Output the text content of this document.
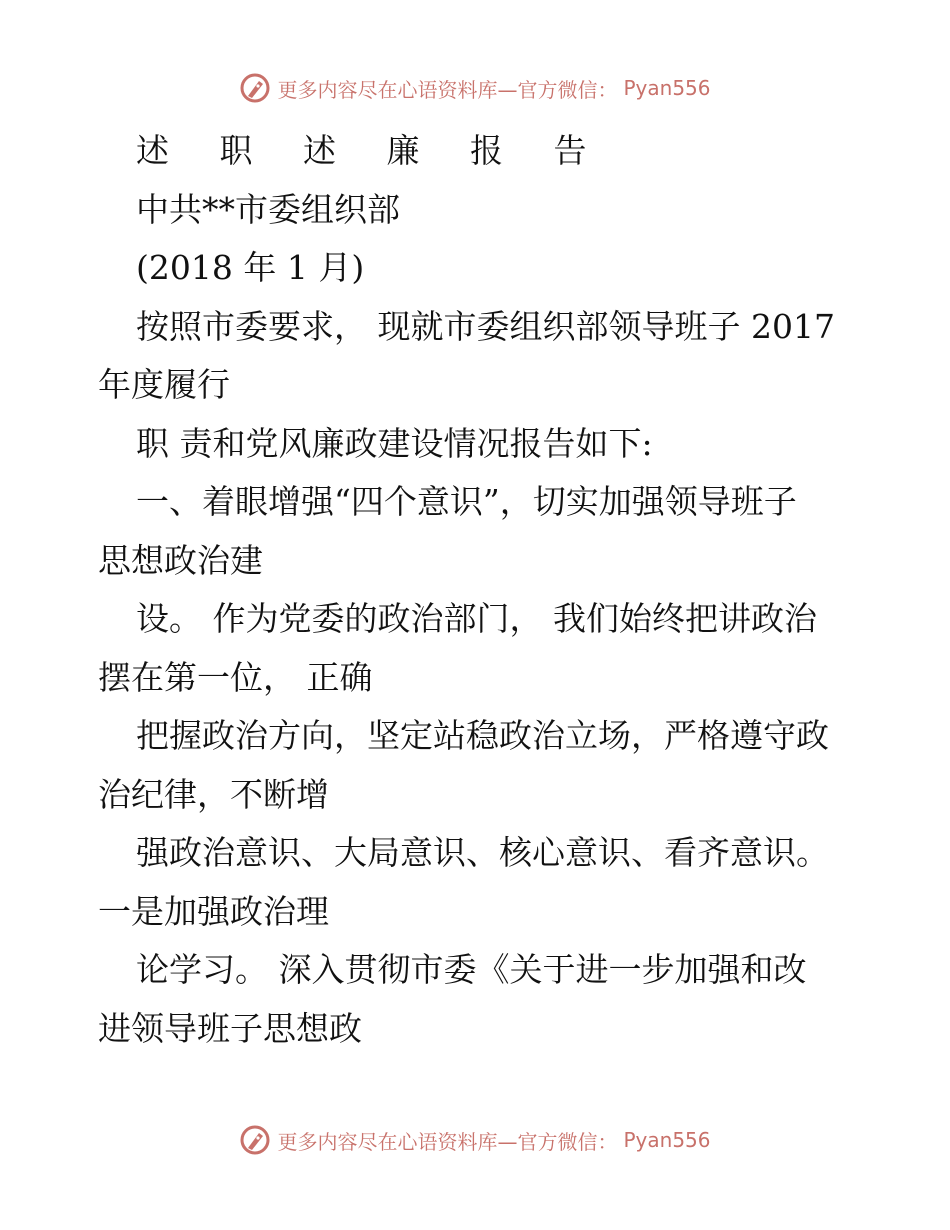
更多内容尽在心语资料库—官方微信： Pyan556
述 职 述 廉 报 告
中共**市委组织部
(2018 年 1 月)
按照市委要求， 现就市委组织部领导班子 2017
年度履行
职 责和党风廉政建设情况报告如下:
一、着眼增强“四个意识”，切实加强领导班子
思想政治建
设。 作为党委的政治部门， 我们始终把讲政治
摆在第一位， 正确
把握政治方向，坚定站稳政治立场，严格遵守政
治纪律，不断增
强政治意识、大局意识、核心意识、看齐意识。
一是加强政治理
论学习。 深入贯彻市委《关于进一步加强和改
进领导班子思想政
更多内容尽在心语资料库—官方微信： Pyan556
